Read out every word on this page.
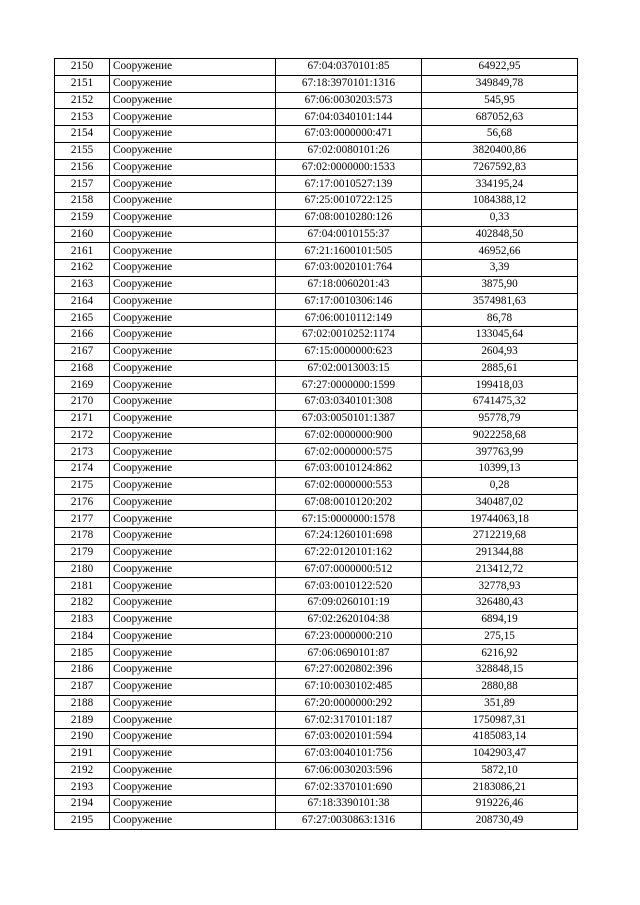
2150	Сооружение	67:04:0370101:85	64922,95
2151	Сооружение	67:18:3970101:1316	349849,78
2152	Сооружение	67:06:0030203:573	545,95
2153	Сооружение	67:04:0340101:144	687052,63
2154	Сооружение	67:03:0000000:471	56,68
2155	Сооружение	67:02:0080101:26	3820400,86
2156	Сооружение	67:02:0000000:1533	7267592,83
2157	Сооружение	67:17:0010527:139	334195,24
2158	Сооружение	67:25:0010722:125	1084388,12
2159	Сооружение	67:08:0010280:126	0,33
2160	Сооружение	67:04:0010155:37	402848,50
2161	Сооружение	67:21:1600101:505	46952,66
2162	Сооружение	67:03:0020101:764	3,39
2163	Сооружение	67:18:0060201:43	3875,90
2164	Сооружение	67:17:0010306:146	3574981,63
2165	Сооружение	67:06:0010112:149	86,78
2166	Сооружение	67:02:0010252:1174	133045,64
2167	Сооружение	67:15:0000000:623	2604,93
2168	Сооружение	67:02:0013003:15	2885,61
2169	Сооружение	67:27:0000000:1599	199418,03
2170	Сооружение	67:03:0340101:308	6741475,32
2171	Сооружение	67:03:0050101:1387	95778,79
2172	Сооружение	67:02:0000000:900	9022258,68
2173	Сооружение	67:02:0000000:575	397763,99
2174	Сооружение	67:03:0010124:862	10399,13
2175	Сооружение	67:02:0000000:553	0,28
2176	Сооружение	67:08:0010120:202	340487,02
2177	Сооружение	67:15:0000000:1578	19744063,18
2178	Сооружение	67:24:1260101:698	2712219,68
2179	Сооружение	67:22:0120101:162	291344,88
2180	Сооружение	67:07:0000000:512	213412,72
2181	Сооружение	67:03:0010122:520	32778,93
2182	Сооружение	67:09:0260101:19	326480,43
2183	Сооружение	67:02:2620104:38	6894,19
2184	Сооружение	67:23:0000000:210	275,15
2185	Сооружение	67:06:0690101:87	6216,92
2186	Сооружение	67:27:0020802:396	328848,15
2187	Сооружение	67:10:0030102:485	2880,88
2188	Сооружение	67:20:0000000:292	351,89
2189	Сооружение	67:02:3170101:187	1750987,31
2190	Сооружение	67:03:0020101:594	4185083,14
2191	Сооружение	67:03:0040101:756	1042903,47
2192	Сооружение	67:06:0030203:596	5872,10
2193	Сооружение	67:02:3370101:690	2183086,21
2194	Сооружение	67:18:3390101:38	919226,46
2195	Сооружение	67:27:0030863:1316	208730,49
